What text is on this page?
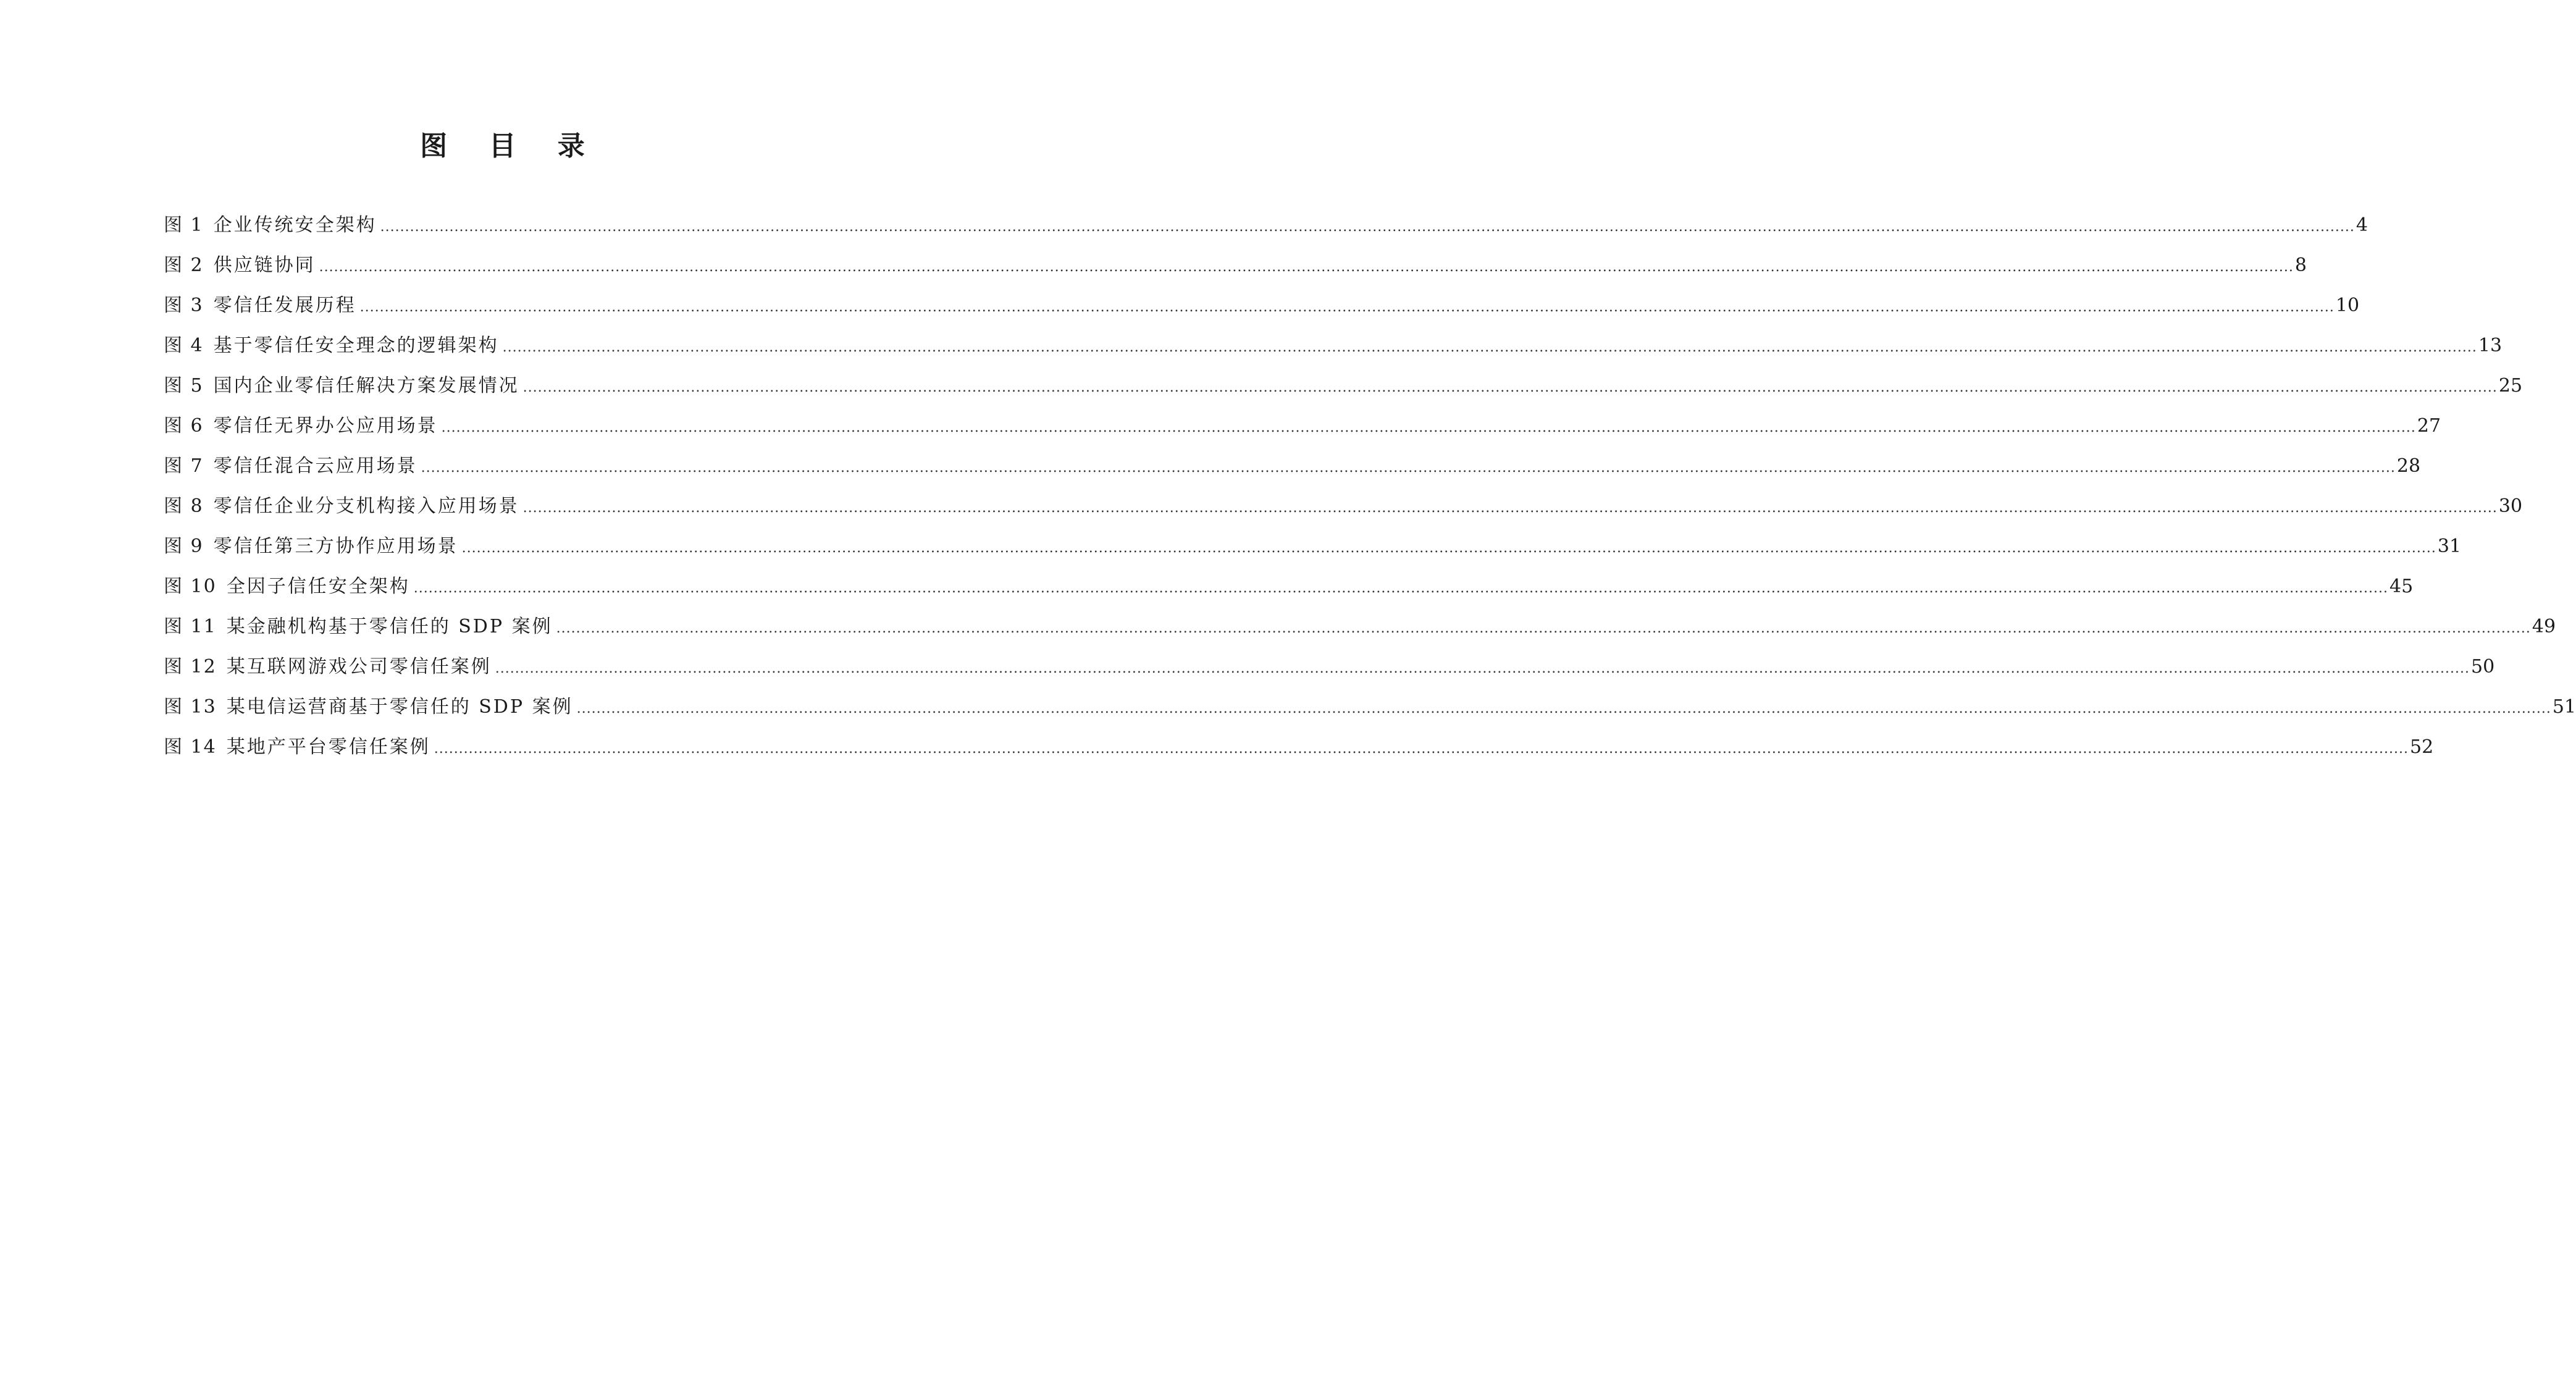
图 目 录
图 1 企业传统安全架构 ................................................................................................................................................................................................................................................................................................................................................................................................................ 4
图 2 供应链协同 ................................................................................................................................................................................................................................................................................................................................................................................................................ 8
图 3 零信任发展历程 ................................................................................................................................................................................................................................................................................................................................................................................................................ 10
图 4 基于零信任安全理念的逻辑架构 ................................................................................................................................................................................................................................................................................................................................................................................................................ 13
图 5 国内企业零信任解决方案发展情况 ................................................................................................................................................................................................................................................................................................................................................................................................................ 25
图 6 零信任无界办公应用场景 ................................................................................................................................................................................................................................................................................................................................................................................................................ 27
图 7 零信任混合云应用场景 ................................................................................................................................................................................................................................................................................................................................................................................................................ 28
图 8 零信任企业分支机构接入应用场景 ................................................................................................................................................................................................................................................................................................................................................................................................................ 30
图 9 零信任第三方协作应用场景 ................................................................................................................................................................................................................................................................................................................................................................................................................ 31
图 10 全因子信任安全架构 ................................................................................................................................................................................................................................................................................................................................................................................................................ 45
图 11 某金融机构基于零信任的 SDP 案例 ................................................................................................................................................................................................................................................................................................................................................................................................................ 49
图 12 某互联网游戏公司零信任案例 ................................................................................................................................................................................................................................................................................................................................................................................................................ 50
图 13 某电信运营商基于零信任的 SDP 案例 ................................................................................................................................................................................................................................................................................................................................................................................................................ 51
图 14 某地产平台零信任案例 ................................................................................................................................................................................................................................................................................................................................................................................................................ 52
